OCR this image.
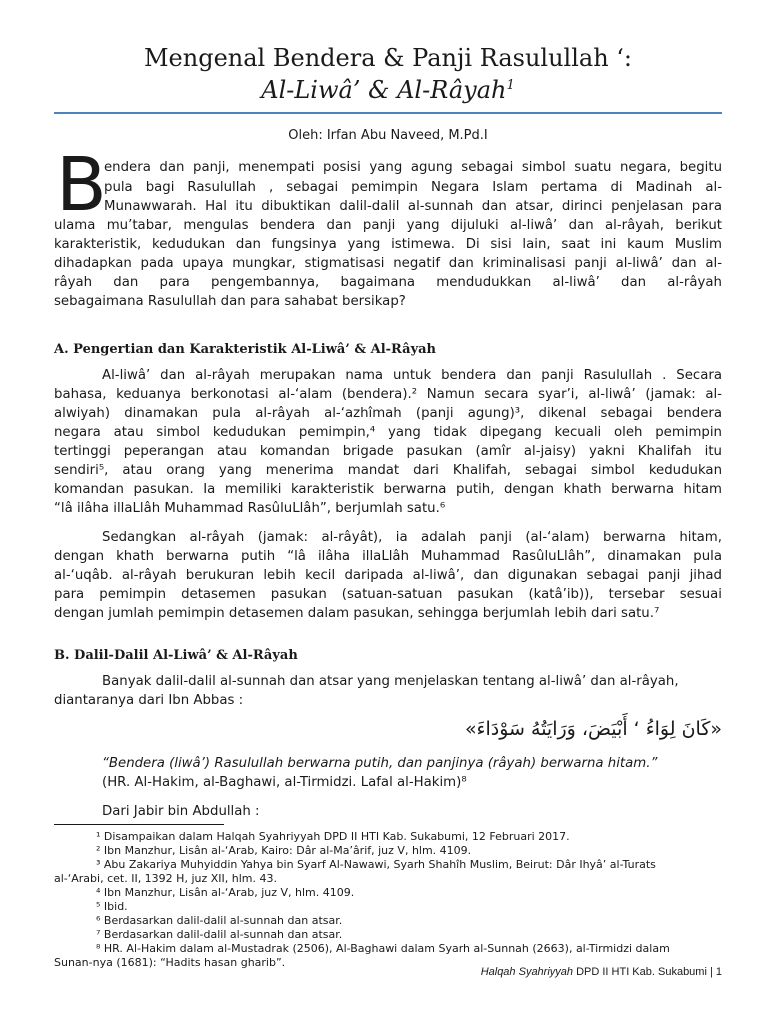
Mengenal Bendera & Panji Rasulullah ‘:
Al-Liwâ’ & Al-Râyah$^1$
Oleh: Irfan Abu Naveed, M.Pd.I
B
endera dan panji, menempati posisi yang agung sebagai simbol suatu negara, begitu
pula bagi Rasulullah , sebagai pemimpin Negara Islam pertama di Madinah al-
Munawwarah. Hal itu dibuktikan dalil-dalil al-sunnah dan atsar, dirinci penjelasan para
ulama mu’tabar, mengulas bendera dan panji yang dijuluki al-liwâ’ dan al-râyah, berikut
karakteristik, kedudukan dan fungsinya yang istimewa. Di sisi lain, saat ini kaum Muslim
dihadapkan pada upaya mungkar, stigmatisasi negatif dan kriminalisasi panji al-liwâ’ dan al-
râyah dan para pengembannya, bagaimana mendudukkan al-liwâ’ dan al-râyah
sebagaimana Rasulullah dan para sahabat bersikap?
A. Pengertian dan Karakteristik Al-Liwâ’ & Al-Râyah
Al-liwâ’ dan al-râyah merupakan nama untuk bendera dan panji Rasulullah . Secara
bahasa, keduanya berkonotasi al-‘alam (bendera).² Namun secara syar’i, al-liwâ’ (jamak: al-
alwiyah) dinamakan pula al-râyah al-‘azhîmah (panji agung)³, dikenal sebagai bendera
negara atau simbol kedudukan pemimpin,⁴ yang tidak dipegang kecuali oleh pemimpin
tertinggi peperangan atau komandan brigade pasukan (amîr al-jaisy) yakni Khalifah itu
sendiri⁵, atau orang yang menerima mandat dari Khalifah, sebagai simbol kedudukan
komandan pasukan. Ia memiliki karakteristik berwarna putih, dengan khath berwarna hitam
“lâ ilâha illaLlâh Muhammad RasûluLlâh”, berjumlah satu.⁶
Sedangkan al-râyah (jamak: al-râyât), ia adalah panji (al-‘alam) berwarna hitam,
dengan khath berwarna putih “lâ ilâha illaLlâh Muhammad RasûluLlâh”, dinamakan pula
al-‘uqâb. al-râyah berukuran lebih kecil daripada al-liwâ’, dan digunakan sebagai panji jihad
para pemimpin detasemen pasukan (satuan-satuan pasukan (katâ’ib)), tersebar sesuai
dengan jumlah pemimpin detasemen dalam pasukan, sehingga berjumlah lebih dari satu.⁷
B. Dalil-Dalil Al-Liwâ’ & Al-Râyah
Banyak dalil-dalil al-sunnah dan atsar yang menjelaskan tentang al-liwâ’ dan al-râyah,
diantaranya dari Ibn Abbas :
«كَانَ لِوَاءُ ‘ أَبْيَضَ، وَرَايَتُهُ سَوْدَاءَ»
“Bendera (liwâ’) Rasulullah berwarna putih, dan panjinya (râyah) berwarna hitam.”
(HR. Al-Hakim, al-Baghawi, al-Tirmidzi. Lafal al-Hakim)⁸
Dari Jabir bin Abdullah :
¹ Disampaikan dalam Halqah Syahriyyah DPD II HTI Kab. Sukabumi, 12 Februari 2017.
² Ibn Manzhur, Lisân al-‘Arab, Kairo: Dâr al-Ma’ârif, juz V, hlm. 4109.
³ Abu Zakariya Muhyiddin Yahya bin Syarf Al-Nawawi, Syarh Shahîh Muslim, Beirut: Dâr Ihyâ’ al-Turats
al-‘Arabi, cet. II, 1392 H, juz XII, hlm. 43.
⁴ Ibn Manzhur, Lisân al-‘Arab, juz V, hlm. 4109.
⁵ Ibid.
⁶ Berdasarkan dalil-dalil al-sunnah dan atsar.
⁷ Berdasarkan dalil-dalil al-sunnah dan atsar.
⁸ HR. Al-Hakim dalam al-Mustadrak (2506), Al-Baghawi dalam Syarh al-Sunnah (2663), al-Tirmidzi dalam
Sunan-nya (1681): “Hadits hasan gharib”.
Halqah Syahriyyah DPD II HTI Kab. Sukabumi | 1
